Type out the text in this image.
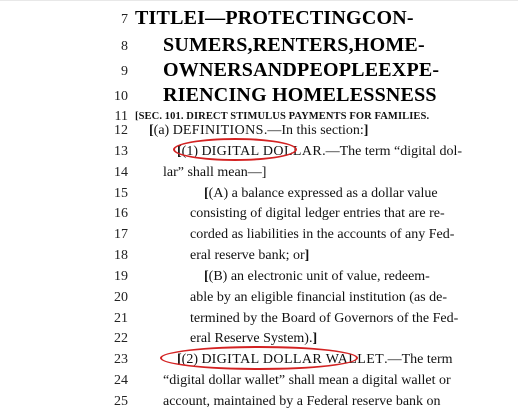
7 TITLE I—PROTECTING CON-
8 SUMERS, RENTERS, HOME-
9 OWNERS AND PEOPLE EXPE-
10 RIENCING HOMELESSNESS
11 [SEC. 101. DIRECT STIMULUS PAYMENTS FOR FAMILIES.
12 [(a) DEFINITIONS.—In this section:]
13	[(1) DIGITAL DOLLAR.—The term “digital dol-
14	lar” shall mean—]
15	[(A) a balance expressed as a dollar value
16	consisting of digital ledger entries that are re-
17	corded as liabilities in the accounts of any Fed-
18	eral reserve bank; or]
19	[(B) an electronic unit of value, redeem-
20	able by an eligible financial institution (as de-
21	termined by the Board of Governors of the Fed-
22	eral Reserve System).]
23	[(2) DIGITAL DOLLAR WALLET.—The term
24	“digital dollar wallet” shall mean a digital wallet or
25	account, maintained by a Federal reserve bank on
